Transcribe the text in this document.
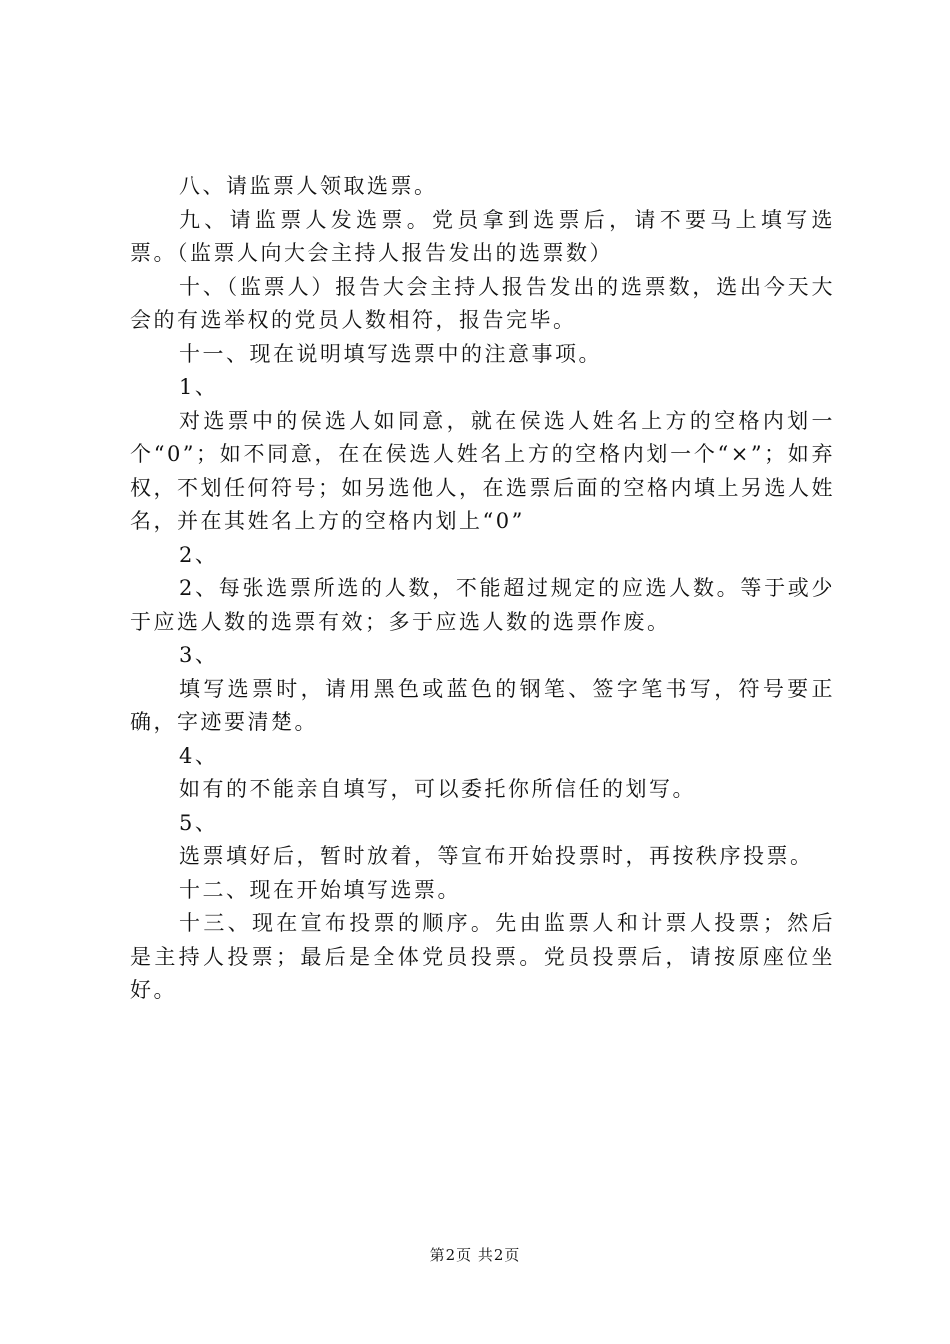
八、请监票人领取选票。

九、请监票人发选票。党员拿到选票后，请不要马上填写选票。（监票人向大会主持人报告发出的选票数）

十、（监票人）报告大会主持人报告发出的选票数，选出今天大会的有选举权的党员人数相符，报告完毕。

十一、现在说明填写选票中的注意事项。

1、

对选票中的侯选人如同意，就在侯选人姓名上方的空格内划一个“0”；如不同意，在在侯选人姓名上方的空格内划一个“×”；如弃权，不划任何符号；如另选他人，在选票后面的空格内填上另选人姓名，并在其姓名上方的空格内划上“0”

2、

2、每张选票所选的人数，不能超过规定的应选人数。等于或少于应选人数的选票有效；多于应选人数的选票作废。

3、

填写选票时，请用黑色或蓝色的钢笔、签字笔书写，符号要正确，字迹要清楚。

4、

如有的不能亲自填写，可以委托你所信任的划写。

5、

选票填好后，暂时放着，等宣布开始投票时，再按秩序投票。

十二、现在开始填写选票。

十三、现在宣布投票的顺序。先由监票人和计票人投票；然后是主持人投票；最后是全体党员投票。党员投票后，请按原座位坐好。

第2页 共2页
